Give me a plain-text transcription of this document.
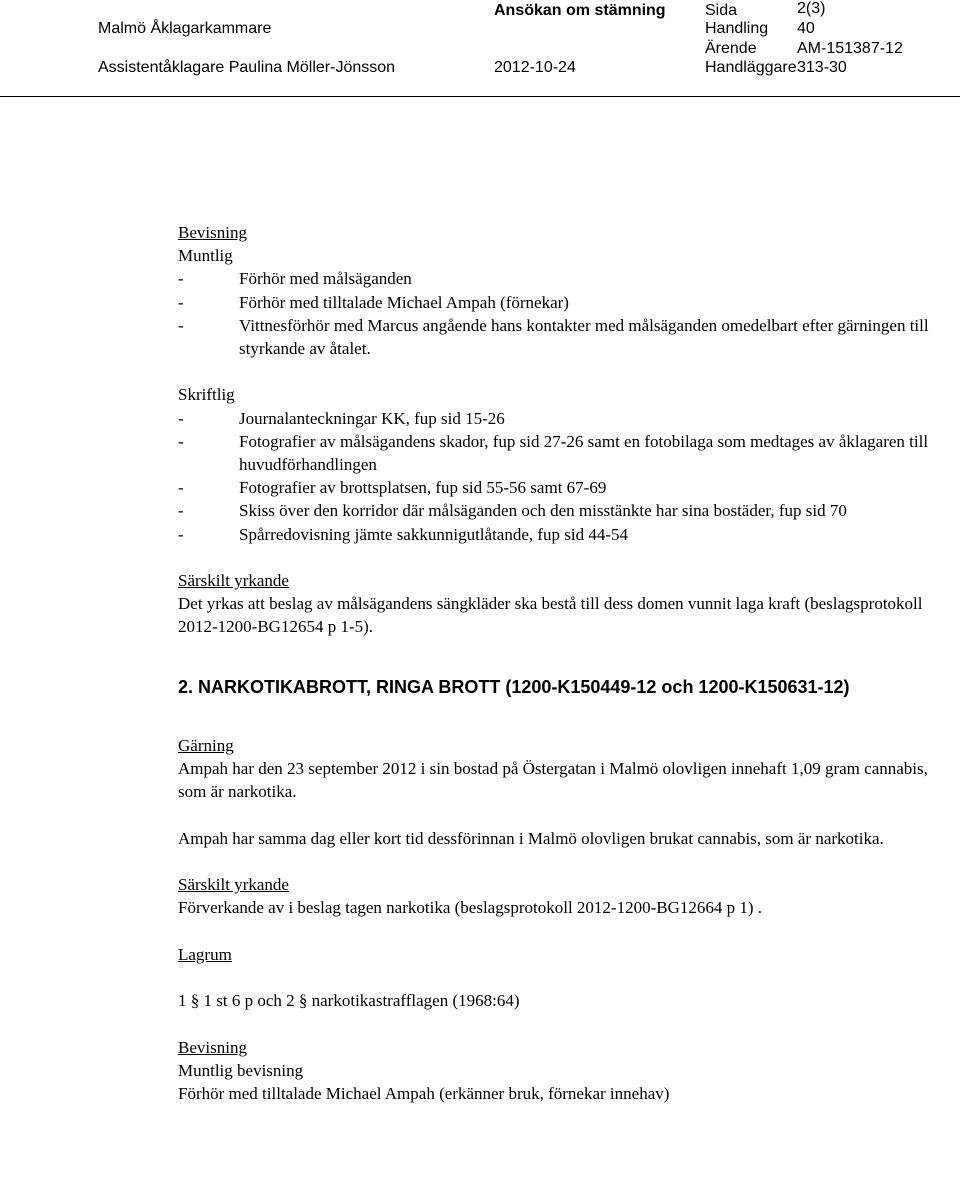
Malmö Åklagarkammare
Assistentåklagare Paulina Möller-Jönsson
Ansökan om stämning
2012-10-24
Sida	2(3)
Handling 40
Ärende	AM-151387-12
Handläggare 313-30
Bevisning
Muntlig
-	Förhör med målsäganden
-	Förhör med tilltalade Michael Ampah (förnekar)
-	Vittnesförhör med Marcus angående hans kontakter med målsäganden omedelbart efter gärningen till styrkande av åtalet.
Skriftlig
-	Journalanteckningar KK, fup sid 15-26
-	Fotografier av målsägandens skador, fup sid 27-26 samt en fotobilaga som medtages av åklagaren till huvudförhandlingen
-	Fotografier av brottsplatsen, fup sid 55-56 samt 67-69
-	Skiss över den korridor där målsäganden och den misstänkte har sina bostäder, fup sid 70
-	Spårredovisning jämte sakkunnigutlåtande, fup sid 44-54
Särskilt yrkande
Det yrkas att beslag av målsägandens sängkläder ska bestå till dess domen vunnit laga kraft (beslagsprotokoll 2012-1200-BG12654 p 1-5).
2. NARKOTIKABROTT, RINGA BROTT (1200-K150449-12 och 1200-K150631-12)
Gärning
Ampah har den 23 september 2012 i sin bostad på Östergatan i Malmö olovligen innehaft 1,09 gram cannabis, som är narkotika.
Ampah har samma dag eller kort tid dessförinnan i Malmö olovligen brukat cannabis, som är narkotika.
Särskilt yrkande
Förverkande av i beslag tagen narkotika (beslagsprotokoll 2012-1200-BG12664 p 1) .
Lagrum
1 § 1 st 6 p och 2 § narkotikastrafflagen (1968:64)
Bevisning
Muntlig bevisning
Förhör med tilltalade Michael Ampah (erkänner bruk, förnekar innehav)
